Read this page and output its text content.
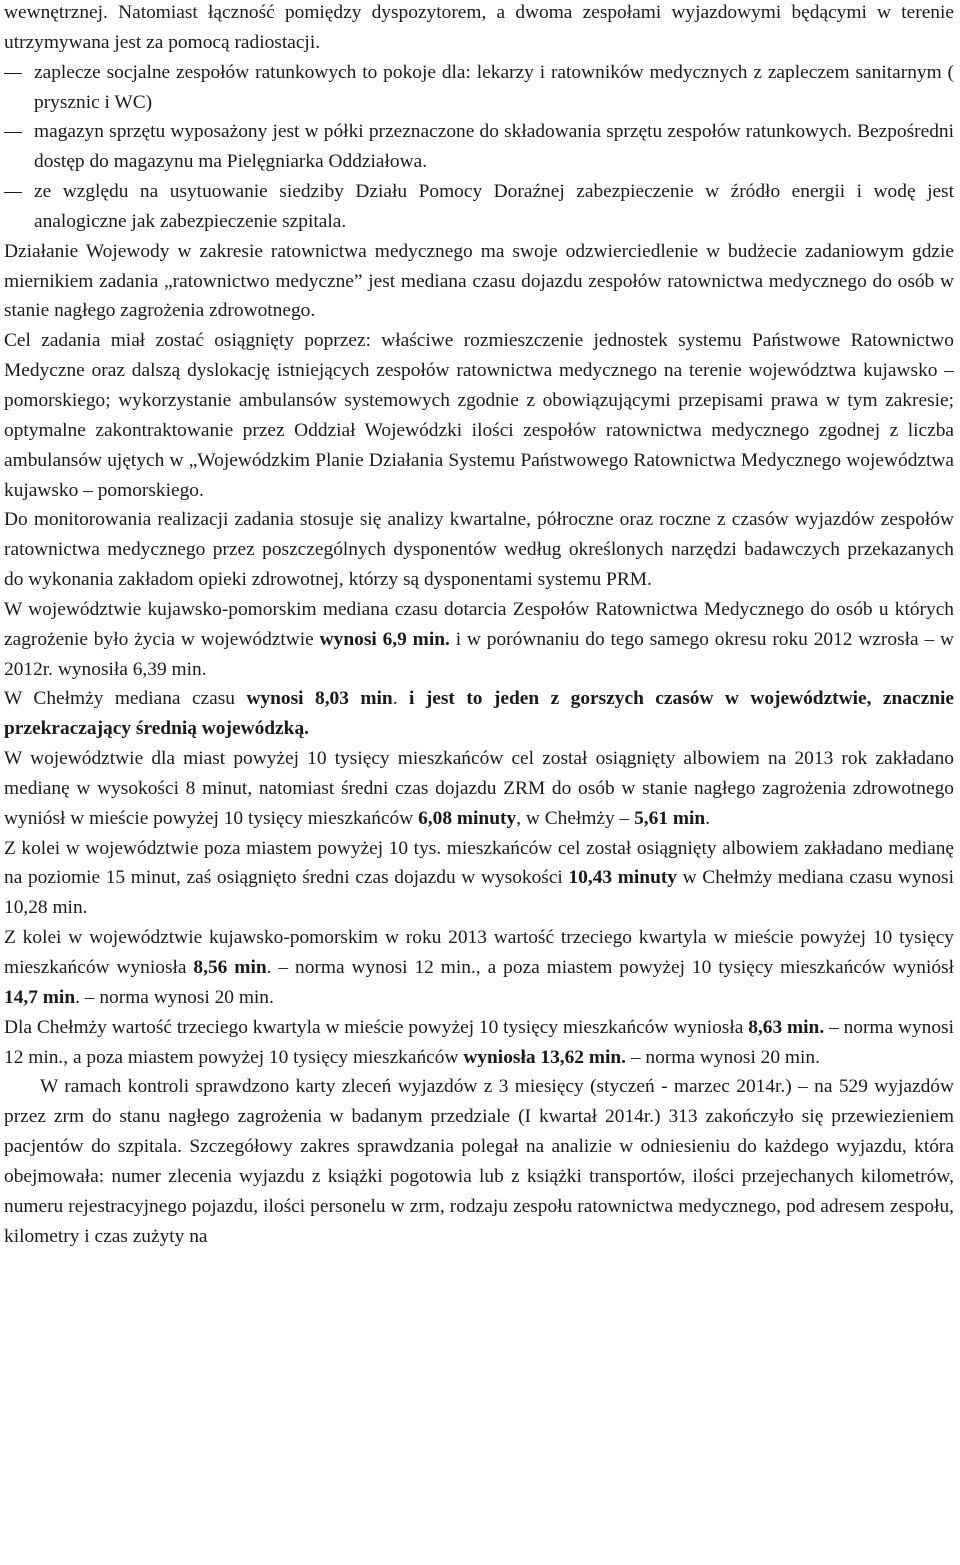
wewnętrznej. Natomiast łączność pomiędzy dyspozytorem, a dwoma zespołami wyjazdowymi będącymi w terenie utrzymywana jest za pomocą radiostacji.

zaplecze socjalne zespołów ratunkowych to pokoje dla: lekarzy i ratowników medycznych z zapleczem sanitarnym ( prysznic i WC)
magazyn sprzętu wyposażony jest w półki przeznaczone do składowania sprzętu zespołów ratunkowych. Bezpośredni dostęp do magazynu ma Pielęgniarka Oddziałowa.
ze względu na usytuowanie siedziby Działu Pomocy Doraźnej zabezpieczenie w źródło energii i wodę jest analogiczne jak zabezpieczenie szpitala.

Działanie Wojewody w zakresie ratownictwa medycznego ma swoje odzwierciedlenie w budżecie zadaniowym gdzie miernikiem zadania „ratownictwo medyczne” jest mediana czasu dojazdu zespołów ratownictwa medycznego do osób w stanie nagłego zagrożenia zdrowotnego.

Cel zadania miał zostać osiągnięty poprzez: właściwe rozmieszczenie jednostek systemu Państwowe Ratownictwo Medyczne oraz dalszą dyslokację istniejących zespołów ratownictwa medycznego na terenie województwa kujawsko – pomorskiego; wykorzystanie ambulansów systemowych zgodnie z obowiązującymi przepisami prawa w tym zakresie; optymalne zakontraktowanie przez Oddział Wojewódzki ilości zespołów ratownictwa medycznego zgodnej z liczba ambulansów ujętych w „Wojewódzkim Planie Działania Systemu Państwowego Ratownictwa Medycznego województwa kujawsko – pomorskiego.

Do monitorowania realizacji zadania stosuje się analizy kwartalne, półroczne oraz roczne z czasów wyjazdów zespołów ratownictwa medycznego przez poszczególnych dysponentów według określonych narzędzi badawczych przekazanych do wykonania zakładom opieki zdrowotnej, którzy są dysponentami systemu PRM.

W województwie kujawsko-pomorskim mediana czasu dotarcia Zespołów Ratownictwa Medycznego do osób u których zagrożenie było życia w województwie wynosi 6,9 min. i w porównaniu do tego samego okresu roku 2012 wzrosła – w 2012r. wynosiła 6,39 min.

W Chełmży mediana czasu wynosi 8,03 min. i jest to jeden z gorszych czasów w województwie, znacznie przekraczający średnią wojewódzką.

W województwie dla miast powyżej 10 tysięcy mieszkańców cel został osiągnięty albowiem na 2013 rok zakładano medianę w wysokości 8 minut, natomiast średni czas dojazdu ZRM do osób w stanie nagłego zagrożenia zdrowotnego wyniósł w mieście powyżej 10 tysięcy mieszkańców 6,08 minuty, w Chełmży – 5,61 min.

Z kolei w województwie poza miastem powyżej 10 tys. mieszkańców cel został osiągnięty albowiem zakładano medianę na poziomie 15 minut, zaś osiągnięto średni czas dojazdu w wysokości 10,43 minuty w Chełmży mediana czasu wynosi 10,28 min.

Z kolei w województwie kujawsko-pomorskim w roku 2013 wartość trzeciego kwartyla w mieście powyżej 10 tysięcy mieszkańców wyniosła 8,56 min. – norma wynosi 12 min., a poza miastem powyżej 10 tysięcy mieszkańców wyniósł 14,7 min. – norma wynosi 20 min.

Dla Chełmży wartość trzeciego kwartyla w mieście powyżej 10 tysięcy mieszkańców wyniosła 8,63 min. – norma wynosi 12 min., a poza miastem powyżej 10 tysięcy mieszkańców wyniosła 13,62 min. – norma wynosi 20 min.

W ramach kontroli sprawdzono karty zleceń wyjazdów z 3 miesięcy (styczeń - marzec 2014r.) – na 529 wyjazdów przez zrm do stanu nagłego zagrożenia w badanym przedziale (I kwartał 2014r.) 313 zakończyło się przewiezieniem pacjentów do szpitala. Szczegółowy zakres sprawdzania polegał na analizie w odniesieniu do każdego wyjazdu, która obejmowała: numer zlecenia wyjazdu z książki pogotowia lub z książki transportów, ilości przejechanych kilometrów, numeru rejestracyjnego pojazdu, ilości personelu w zrm, rodzaju zespołu ratownictwa medycznego, pod adresem zespołu, kilometry i czas zużyty na
